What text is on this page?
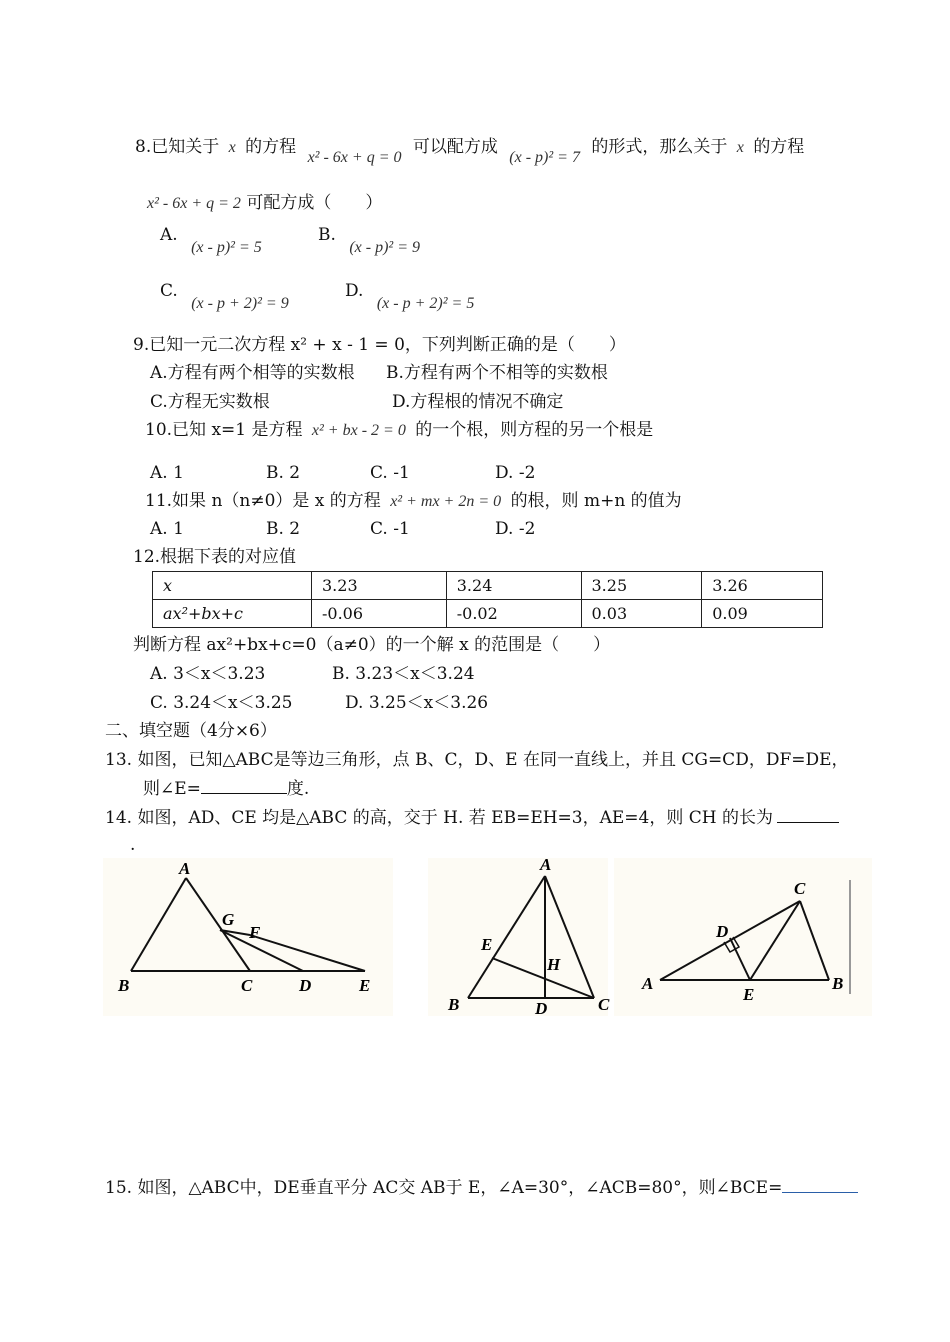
8.已知关于 x 的方程 x² - 6x + q = 0 可以配方成 (x - p)² = 7 的形式，那么关于 x 的方程
x² - 6x + q = 2 可配方成（　　）
A. (x - p)² = 5
B. (x - p)² = 9
C. (x - p + 2)² = 9
D. (x - p + 2)² = 5
9.已知一元二次方程 x² + x - 1 = 0，下列判断正确的是（　　）
A.方程有两个相等的实数根 B.方程有两个不相等的实数根
C.方程无实数根	D.方程根的情况不确定
10.已知 x=1 是方程 x² + bx - 2 = 0 的一个根，则方程的另一个根是
A. 1	B. 2	C. -1	D. -2
11.如果 n（n≠0）是 x 的方程 x² + mx + 2n = 0 的根，则 m+n 的值为
A. 1	B. 2	C. -1	D. -2
12.根据下表的对应值
x	3.23	3.24	3.25	3.26
ax²+bx+c	-0.06	-0.02	0.03	0.09
判断方程 ax²+bx+c=0（a≠0）的一个解 x 的范围是（　　）
A. 3＜x＜3.23	B. 3.23＜x＜3.24
C. 3.24＜x＜3.25	D. 3.25＜x＜3.26
二、填空题（4分×6）
13. 如图，已知△ABC是等边三角形，点 B、C，D、E 在同一直线上，并且 CG=CD，DF=DE，
则∠E=	度.
14. 如图，AD、CE 均是△ABC 的高，交于 H. 若 EB=EH=3，AE=4，则 CH 的长为
.
A
B	C	D	E
F
G
A
B	C
D
E
H
A	B
C
D
E
15. 如图，△ABC中，DE垂直平分 AC交 AB于 E，∠A=30°，∠ACB=80°，则∠BCE=
